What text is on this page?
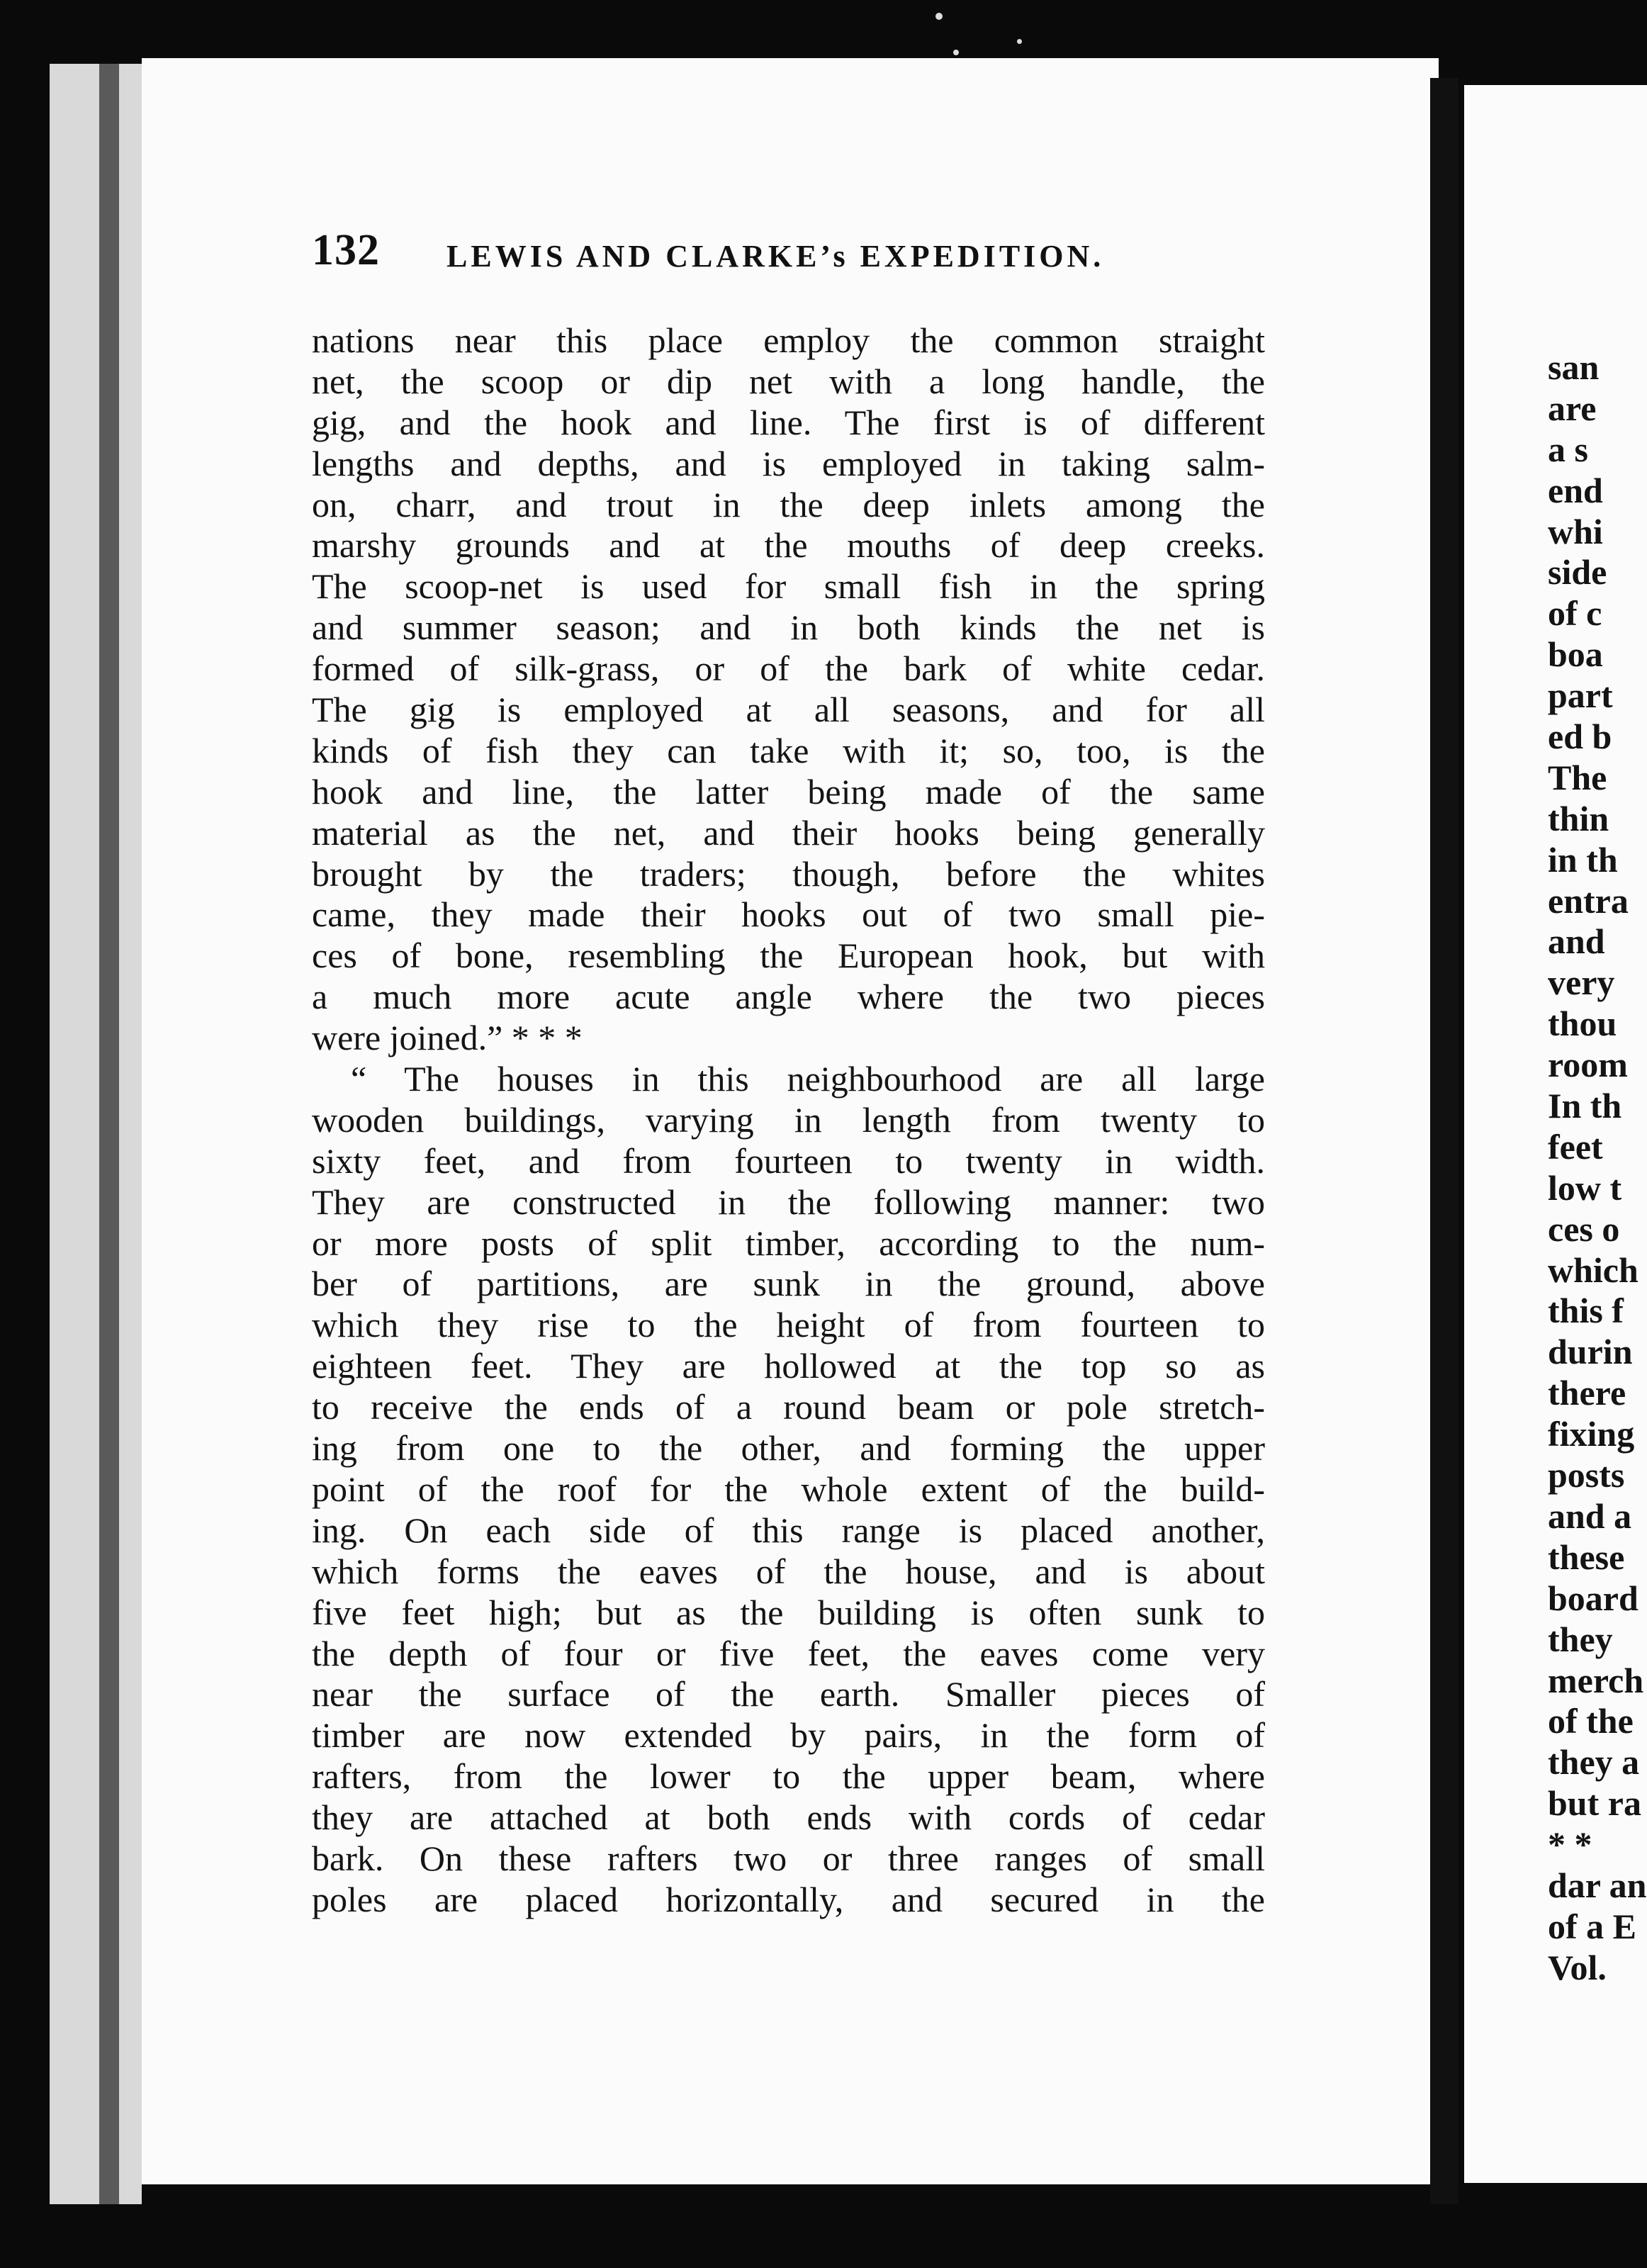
132 LEWIS AND CLARKE’s EXPEDITION.
nations near this place employ the common straight
net, the scoop or dip net with a long handle, the
gig, and the hook and line. The first is of different
lengths and depths, and is employed in taking salm-
on, charr, and trout in the deep inlets among the
marshy grounds and at the mouths of deep creeks.
The scoop-net is used for small fish in the spring
and summer season; and in both kinds the net is
formed of silk-grass, or of the bark of white cedar.
The gig is employed at all seasons, and for all
kinds of fish they can take with it; so, too, is the
hook and line, the latter being made of the same
material as the net, and their hooks being generally
brought by the traders; though, before the whites
came, they made their hooks out of two small pie-
ces of bone, resembling the European hook, but with
a much more acute angle where the two pieces
were joined.” * * *
“ The houses in this neighbourhood are all large
wooden buildings, varying in length from twenty to
sixty feet, and from fourteen to twenty in width.
They are constructed in the following manner: two
or more posts of split timber, according to the num-
ber of partitions, are sunk in the ground, above
which they rise to the height of from fourteen to
eighteen feet. They are hollowed at the top so as
to receive the ends of a round beam or pole stretch-
ing from one to the other, and forming the upper
point of the roof for the whole extent of the build-
ing. On each side of this range is placed another,
which forms the eaves of the house, and is about
five feet high; but as the building is often sunk to
the depth of four or five feet, the eaves come very
near the surface of the earth. Smaller pieces of
timber are now extended by pairs, in the form of
rafters, from the lower to the upper beam, where
they are attached at both ends with cords of cedar
bark. On these rafters two or three ranges of small
poles are placed horizontally, and secured in the
san
are
a s
end
whi
side
of c
boa
part
ed b
The
thin
in th
entra
and
very
thou
room
In th
feet
low t
ces o
which
this f
durin
there
fixing
posts
and a
these
board
they
merch
of the
they a
but ra
* *
dar an
of a E
Vol.
